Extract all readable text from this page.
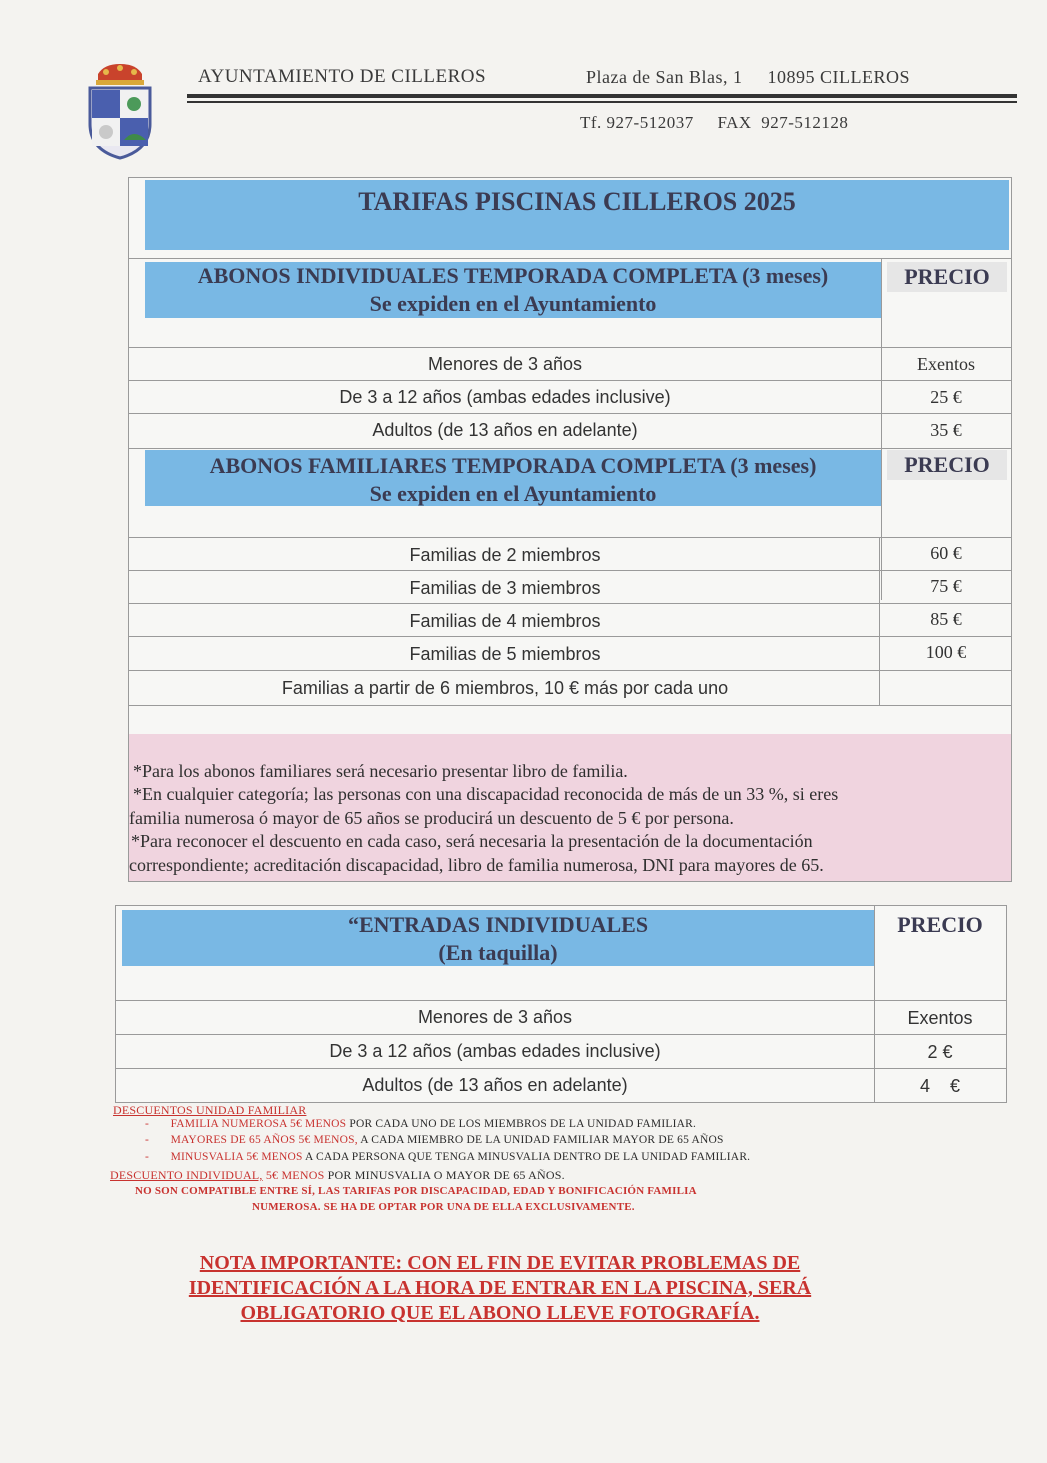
AYUNTAMIENTO DE CILLEROS	Plaza de San Blas, 1     10895 CILLEROS
Tf. 927-512037     FAX  927-512128
TARIFAS PISCINAS CILLEROS 2025
ABONOS INDIVIDUALES TEMPORADA COMPLETA (3 meses)
Se expiden en el Ayuntamiento
PRECIO
Menores de 3 años	Exentos
De 3 a 12 años (ambas edades inclusive)	25 €
Adultos (de 13 años en adelante)	35 €
ABONOS FAMILIARES TEMPORADA COMPLETA (3 meses)
Se expiden en el Ayuntamiento
PRECIO
Familias de 2 miembros	60 €
Familias de 3 miembros	75 €
Familias de 4 miembros	85 €
Familias de 5 miembros	100 €
Familias a partir de 6 miembros, 10 € más por cada uno
*Para los abonos familiares será necesario presentar libro de familia.
*En cualquier categoría; las personas con una discapacidad reconocida de más de un 33 %, si eres
familia numerosa ó mayor de 65 años se producirá un descuento de 5 € por persona.
*Para reconocer el descuento en cada caso, será necesaria la presentación de la documentación
correspondiente; acreditación discapacidad, libro de familia numerosa, DNI para mayores de 65.
“ENTRADAS INDIVIDUALES
(En taquilla)
PRECIO
Menores de 3 años	Exentos
De 3 a 12 años (ambas edades inclusive)	2 €
Adultos (de 13 años en adelante)	4    €
DESCUENTOS UNIDAD FAMILIAR
-       FAMILIA NUMEROSA 5€ MENOS POR CADA UNO DE LOS MIEMBROS DE LA UNIDAD FAMILIAR.
-       MAYORES DE 65 AÑOS 5€ MENOS, A CADA MIEMBRO DE LA UNIDAD FAMILIAR MAYOR DE 65 AÑOS
-       MINUSVALIA 5€ MENOS A CADA PERSONA QUE TENGA MINUSVALIA DENTRO DE LA UNIDAD FAMILIAR.
DESCUENTO INDIVIDUAL, 5€ MENOS POR MINUSVALIA O MAYOR DE 65 AÑOS.
NO SON COMPATIBLE ENTRE SÍ, LAS TARIFAS POR DISCAPACIDAD, EDAD Y BONIFICACIÓN FAMILIA
NUMEROSA. SE HA DE OPTAR POR UNA DE ELLA EXCLUSIVAMENTE.
NOTA IMPORTANTE: CON EL FIN DE EVITAR PROBLEMAS DE
IDENTIFICACIÓN A LA HORA DE ENTRAR EN LA PISCINA, SERÁ
OBLIGATORIO QUE EL ABONO LLEVE FOTOGRAFÍA.
